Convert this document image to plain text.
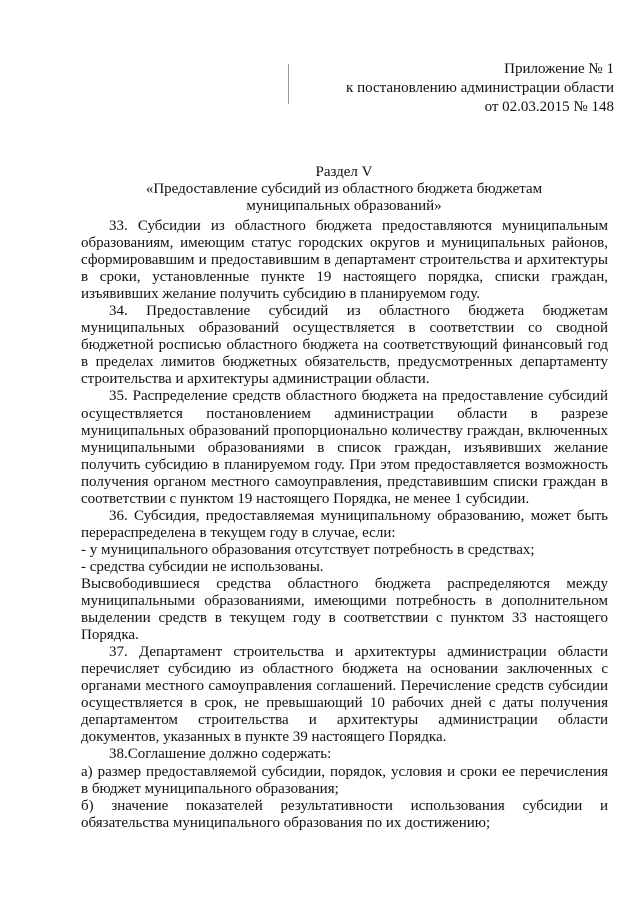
Приложение № 1
к постановлению администрации области
от 02.03.2015 № 148
Раздел V
«Предоставление субсидий из областного бюджета бюджетам
муниципальных образований»

33. Субсидии из областного бюджета предоставляются муниципальным образованиям, имеющим статус городских округов и муниципальных районов, сформировавшим и предоставившим в департамент строительства и архитектуры в сроки, установленные пункте 19 настоящего порядка, списки граждан, изъявивших желание получить субсидию в планируемом году.

34. Предоставление субсидий из областного бюджета бюджетам муниципальных образований осуществляется в соответствии со сводной бюджетной росписью областного бюджета на соответствующий финансовый год в пределах лимитов бюджетных обязательств, предусмотренных департаменту строительства и архитектуры администрации области.

35. Распределение средств областного бюджета на предоставление субсидий осуществляется постановлением администрации области в разрезе муниципальных образований пропорционально количеству граждан, включенных муниципальными образованиями в список граждан, изъявивших желание получить субсидию в планируемом году. При этом предоставляется возможность получения органом местного самоуправления, представившим списки граждан в соответствии с пунктом 19 настоящего Порядка, не менее 1 субсидии.

36. Субсидия, предоставляемая муниципальному образованию, может быть перераспределена в текущем году в случае, если:

- у муниципального образования отсутствует потребность в средствах;

- средства субсидии не использованы.

Высвободившиеся средства областного бюджета распределяются между муниципальными образованиями, имеющими потребность в дополнительном выделении средств в текущем году в соответствии с пунктом 33 настоящего Порядка.

37. Департамент строительства и архитектуры администрации области перечисляет субсидию из областного бюджета на основании заключенных с органами местного самоуправления соглашений. Перечисление средств субсидии осуществляется в срок, не превышающий 10 рабочих дней с даты получения департаментом строительства и архитектуры администрации области документов, указанных в пункте 39 настоящего Порядка.

38.Соглашение должно содержать:

а) размер предоставляемой субсидии, порядок, условия и сроки ее перечисления в бюджет муниципального образования;

б) значение показателей результативности использования субсидии и обязательства муниципального образования по их достижению;
